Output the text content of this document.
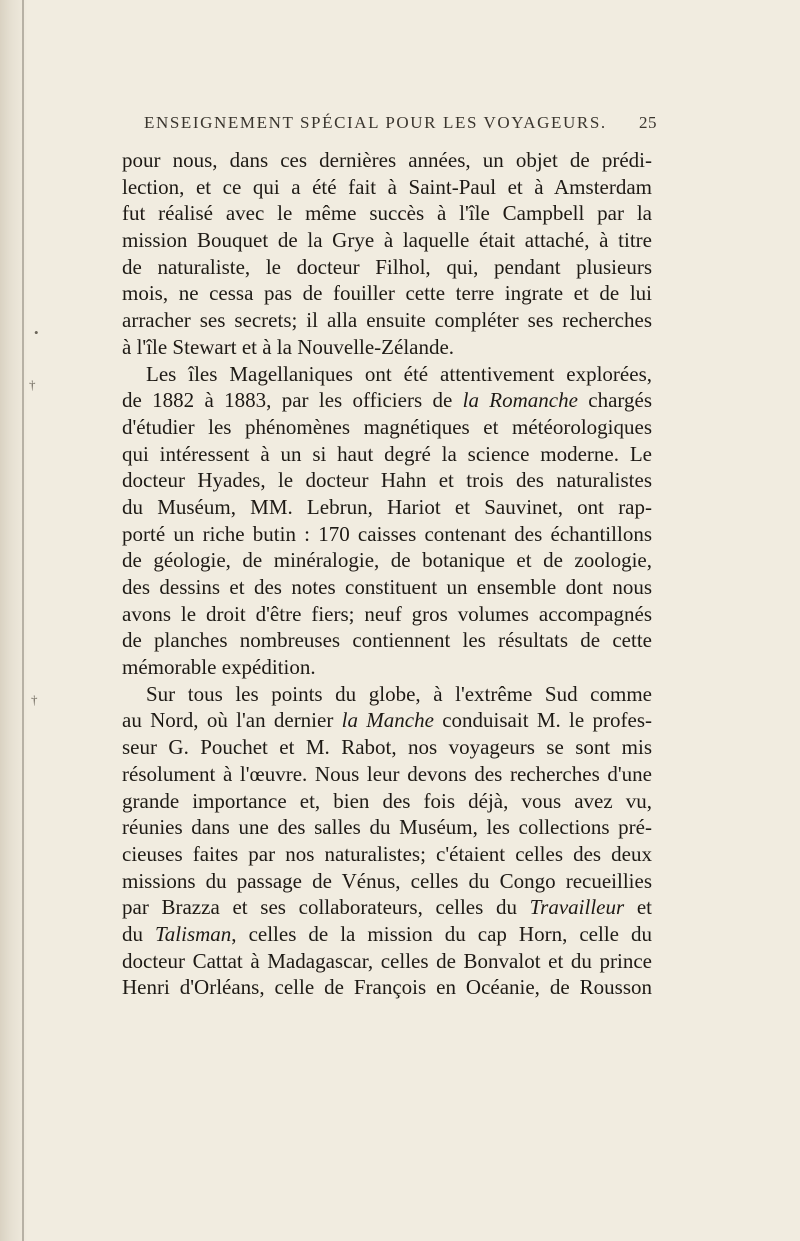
ENSEIGNEMENT SPÉCIAL POUR LES VOYAGEURS. 25
pour nous, dans ces dernières années, un objet de prédi-
lection, et ce qui a été fait à Saint-Paul et à Amsterdam
fut réalisé avec le même succès à l'île Campbell par la
mission Bouquet de la Grye à laquelle était attaché, à titre
de naturaliste, le docteur Filhol, qui, pendant plusieurs
mois, ne cessa pas de fouiller cette terre ingrate et de lui
arracher ses secrets; il alla ensuite compléter ses recherches
à l'île Stewart et à la Nouvelle-Zélande.
Les îles Magellaniques ont été attentivement explorées,
de 1882 à 1883, par les officiers de la Romanche chargés
d'étudier les phénomènes magnétiques et météorologiques
qui intéressent à un si haut degré la science moderne. Le
docteur Hyades, le docteur Hahn et trois des naturalistes
du Muséum, MM. Lebrun, Hariot et Sauvinet, ont rap-
porté un riche butin : 170 caisses contenant des échantillons
de géologie, de minéralogie, de botanique et de zoologie,
des dessins et des notes constituent un ensemble dont nous
avons le droit d'être fiers; neuf gros volumes accompagnés
de planches nombreuses contiennent les résultats de cette
mémorable expédition.
Sur tous les points du globe, à l'extrême Sud comme
au Nord, où l'an dernier la Manche conduisait M. le profes-
seur G. Pouchet et M. Rabot, nos voyageurs se sont mis
résolument à l'œuvre. Nous leur devons des recherches d'une
grande importance et, bien des fois déjà, vous avez vu,
réunies dans une des salles du Muséum, les collections pré-
cieuses faites par nos naturalistes; c'étaient celles des deux
missions du passage de Vénus, celles du Congo recueillies
par Brazza et ses collaborateurs, celles du Travailleur et
du Talisman, celles de la mission du cap Horn, celle du
docteur Cattat à Madagascar, celles de Bonvalot et du prince
Henri d'Orléans, celle de François en Océanie, de Rousson
•
†
†
